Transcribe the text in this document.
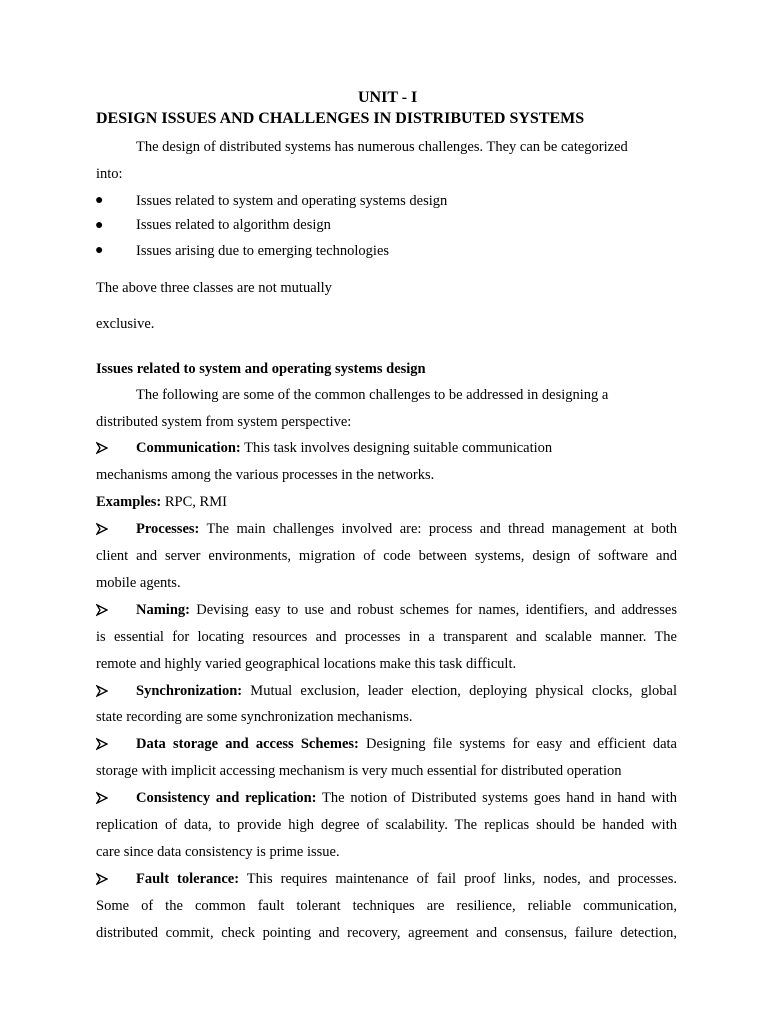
UNIT - I
DESIGN ISSUES AND CHALLENGES IN DISTRIBUTED SYSTEMS
The design of distributed systems has numerous challenges. They can be categorized
into:
● Issues related to system and operating systems design
● Issues related to algorithm design
● Issues arising due to emerging technologies
The above three classes are not mutually
exclusive.
Issues related to system and operating systems design
The following are some of the common challenges to be addressed in designing a
distributed system from system perspective:
Communication: This task involves designing suitable communication
mechanisms among the various processes in the networks.
Examples: RPC, RMI
Processes: The main challenges involved are: process and thread management at both
client and server environments, migration of code between systems, design of software and
mobile agents.
Naming: Devising easy to use and robust schemes for names, identifiers, and addresses
is essential for locating resources and processes in a transparent and scalable manner. The
remote and highly varied geographical locations make this task difficult.
Synchronization: Mutual exclusion, leader election, deploying physical clocks, global
state recording are some synchronization mechanisms.
Data storage and access Schemes: Designing file systems for easy and efficient data
storage with implicit accessing mechanism is very much essential for distributed operation
Consistency and replication: The notion of Distributed systems goes hand in hand with
replication of data, to provide high degree of scalability. The replicas should be handed with
care since data consistency is prime issue.
Fault tolerance: This requires maintenance of fail proof links, nodes, and processes.
Some of the common fault tolerant techniques are resilience, reliable communication,
distributed commit, check pointing and recovery, agreement and consensus, failure detection,
